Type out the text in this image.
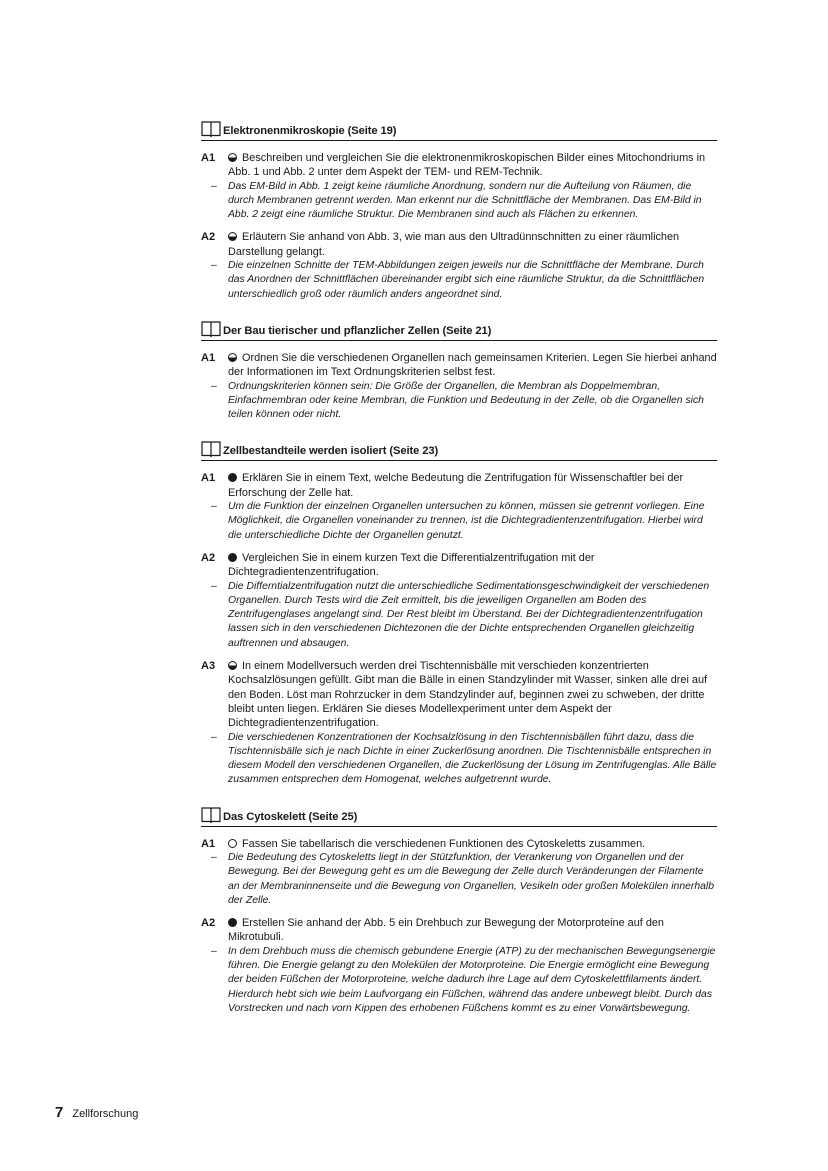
Elektronenmikroskopie (Seite 19)
A1	Beschreiben und vergleichen Sie die elektronenmikroskopischen Bilder eines Mitochondriums in Abb. 1 und Abb. 2 unter dem Aspekt der TEM- und REM-Technik.

– Das EM-Bild in Abb. 1 zeigt keine räumliche Anordnung, sondern nur die Aufteilung von Räumen, die durch Membranen getrennt werden. Man erkennt nur die Schnittfläche der Membranen. Das EM-Bild in Abb. 2 zeigt eine räumliche Struktur. Die Membranen sind auch als Flächen zu erkennen.

A2	Erläutern Sie anhand von Abb. 3, wie man aus den Ultradünnschnitten zu einer räumlichen Darstellung gelangt.

– Die einzelnen Schnitte der TEM-Abbildungen zeigen jeweils nur die Schnittfläche der Membrane. Durch das Anordnen der Schnittflächen übereinander ergibt sich eine räumliche Struktur, da die Schnittflächen unterschiedlich groß oder räumlich anders angeordnet sind.

Der Bau tierischer und pflanzlicher Zellen (Seite 21)
A1	Ordnen Sie die verschiedenen Organellen nach gemeinsamen Kriterien. Legen Sie hierbei anhand der Informationen im Text Ordnungskriterien selbst fest.

– Ordnungskriterien können sein: Die Größe der Organellen, die Membran als Doppelmembran, Einfachmembran oder keine Membran, die Funktion und Bedeutung in der Zelle, ob die Organellen sich teilen können oder nicht.

Zellbestandteile werden isoliert (Seite 23)
A1	Erklären Sie in einem Text, welche Bedeutung die Zentrifugation für Wissenschaftler bei der Erforschung der Zelle hat.

– Um die Funktion der einzelnen Organellen untersuchen zu können, müssen sie getrennt vorliegen. Eine Möglichkeit, die Organellen voneinander zu trennen, ist die Dichtegradientenzentrifugation. Hierbei wird die unterschiedliche Dichte der Organellen genutzt.

A2	Vergleichen Sie in einem kurzen Text die Differentialzentrifugation mit der Dichtegradientenzentrifugation.

– Die Differntialzentrifugation nutzt die unterschiedliche Sedimentationsgeschwindigkeit der verschiedenen Organellen. Durch Tests wird die Zeit ermittelt, bis die jeweiligen Organellen am Boden des Zentrifugenglases angelangt sind. Der Rest bleibt im Überstand. Bei der Dichtegradientenzentrifugation lassen sich in den verschiedenen Dichtezonen die der Dichte entsprechenden Organellen gleichzeitig auftrennen und absaugen.

A3	In einem Modellversuch werden drei Tischtennisbälle mit verschieden konzentrierten Kochsalzlösungen gefüllt. Gibt man die Bälle in einen Standzylinder mit Wasser, sinken alle drei auf den Boden. Löst man Rohrzucker in dem Standzylinder auf, beginnen zwei zu schweben, der dritte bleibt unten liegen. Erklären Sie dieses Modellexperiment unter dem Aspekt der Dichtegradientenzentrifugation.

– Die verschiedenen Konzentrationen der Kochsalzlösung in den Tischtennisbällen führt dazu, dass die Tischtennisbälle sich je nach Dichte in einer Zuckerlösung anordnen. Die Tischtennisbälle entsprechen in diesem Modell den verschiedenen Organellen, die Zuckerlösung der Lösung im Zentrifugenglas. Alle Bälle zusammen entsprechen dem Homogenat, welches aufgetrennt wurde.

Das Cytoskelett (Seite 25)
A1	Fassen Sie tabellarisch die verschiedenen Funktionen des Cytoskeletts zusammen.

– Die Bedeutung des Cytoskeletts liegt in der Stützfunktion, der Verankerung von Organellen und der Bewegung. Bei der Bewegung geht es um die Bewegung der Zelle durch Veränderungen der Filamente an der Membraninnenseite und die Bewegung von Organellen, Vesikeln oder großen Molekülen innerhalb der Zelle.

A2	Erstellen Sie anhand der Abb. 5 ein Drehbuch zur Bewegung der Motorproteine auf den Mikrotubuli.

– In dem Drehbuch muss die chemisch gebundene Energie (ATP) zu der mechanischen Bewegungsenergie führen. Die Energie gelangt zu den Molekülen der Motorproteine. Die Energie ermöglicht eine Bewegung der beiden Füßchen der Motorproteine, welche dadurch ihre Lage auf dem Cytoskelettfilaments ändert. Hierdurch hebt sich wie beim Laufvorgang ein Füßchen, während das andere unbewegt bleibt. Durch das Vorstrecken und nach vorn Kippen des erhobenen Füßchens kommt es zu einer Vorwärtsbewegung.

7 Zellforschung
